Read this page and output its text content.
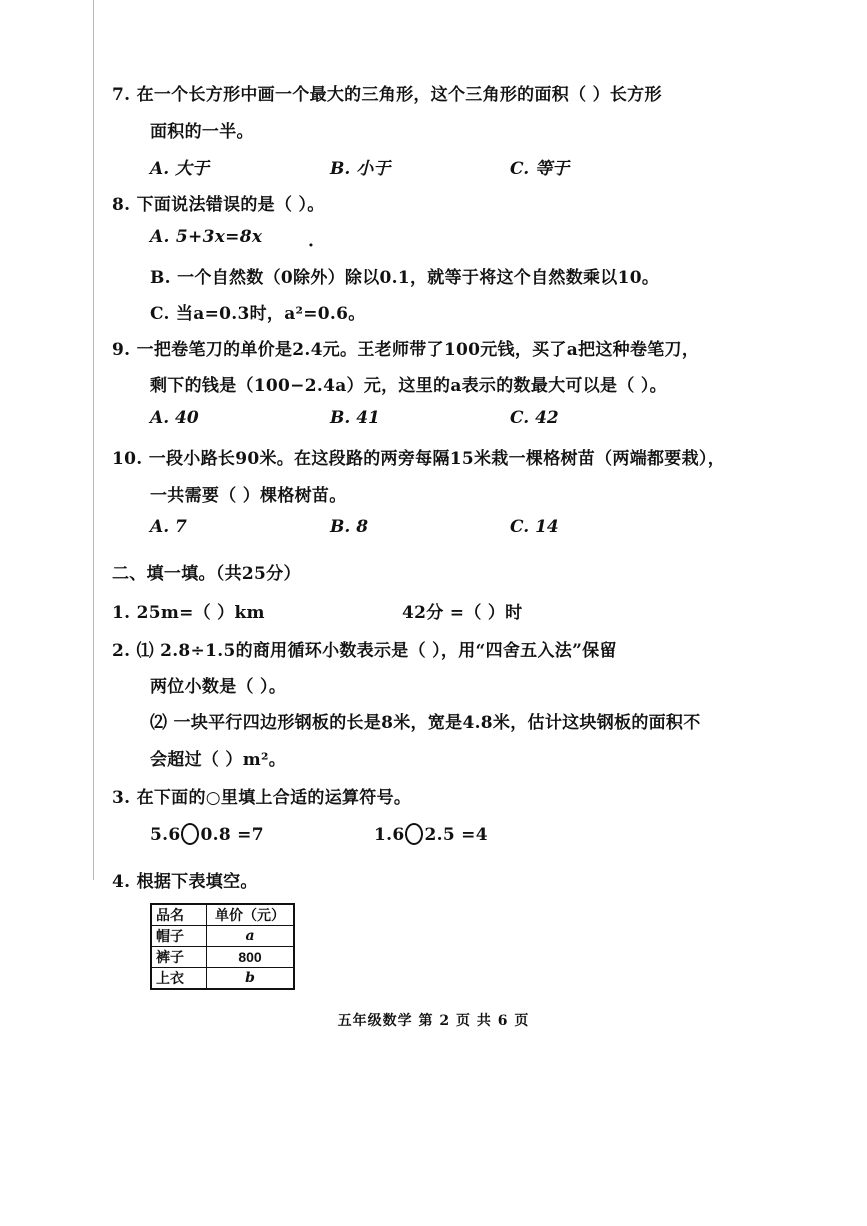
7. 在一个长方形中画一个最大的三角形，这个三角形的面积（ ）长方形
面积的一半。
A. 大于	B. 小于	C. 等于
8. 下面说法错误的是（ ）。
A. 5+3x=8x	·
B. 一个自然数（0除外）除以0.1，就等于将这个自然数乘以10。
C. 当a=0.3时，a²=0.6。
9. 一把卷笔刀的单价是2.4元。王老师带了100元钱，买了a把这种卷笔刀，
剩下的钱是（100−2.4a）元，这里的a表示的数最大可以是（ ）。
A. 40	B. 41	C. 42
10. 一段小路长90米。在这段路的两旁每隔15米栽一棵格树苗（两端都要栽），
一共需要（ ）棵格树苗。
A. 7	B. 8	C. 14
二、填一填。（共25分）
1. 25m=（ ）km	42分 =（ ）时
2. ⑴ 2.8÷1.5的商用循环小数表示是（ ），用“四舍五入法”保留
两位小数是（ ）。
⑵ 一块平行四边形钢板的长是8米，宽是4.8米，估计这块钢板的面积不
会超过（ ）m²。
3. 在下面的○里填上合适的运算符号。
5.6 0.8 =7	1.6 2.5 =4
4. 根据下表填空。
品名	单价（元）
帽子	a
裤子	800
上衣	b
五年级数学 第 2 页 共 6 页
